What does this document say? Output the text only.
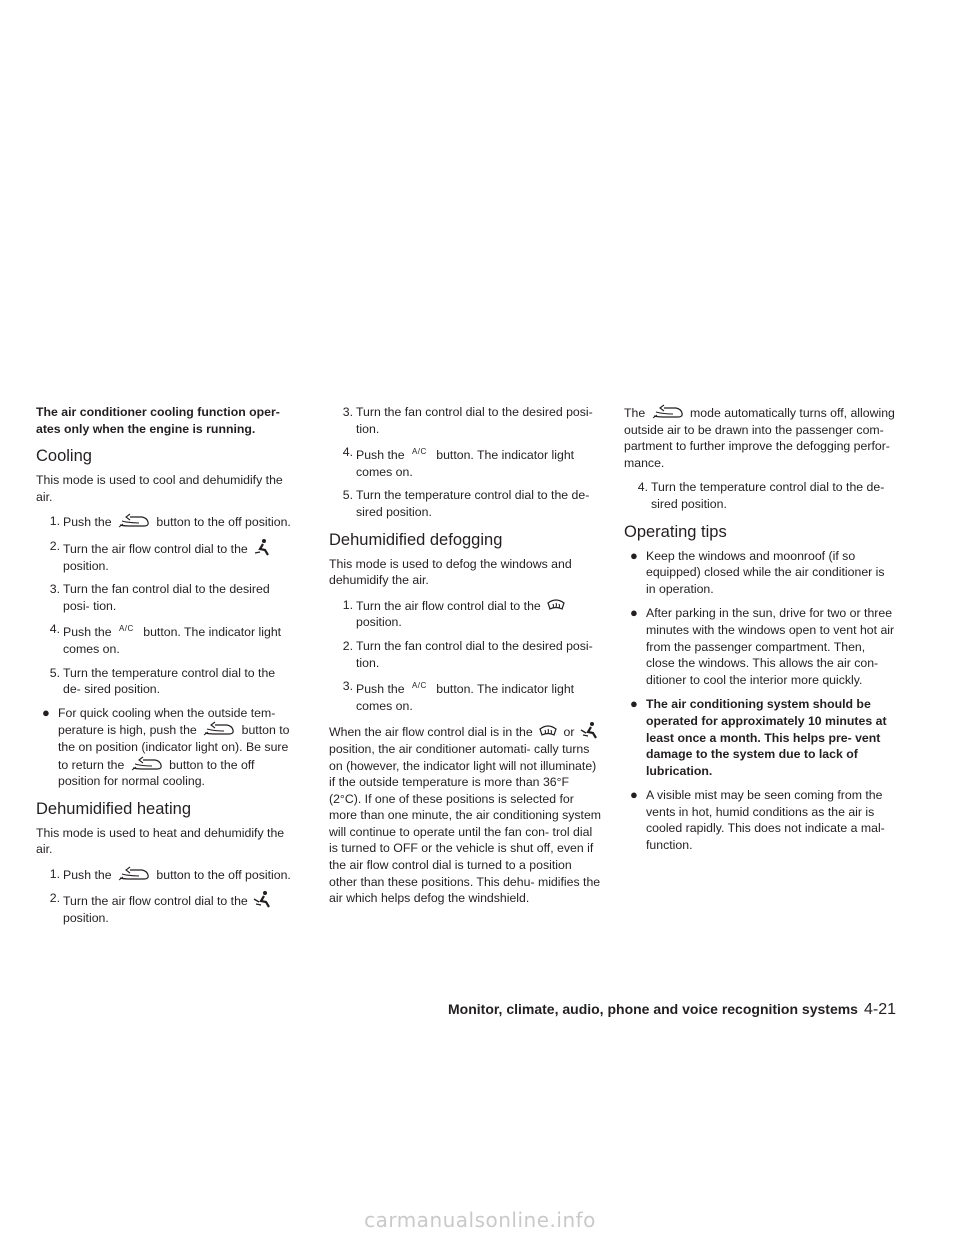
The air conditioner cooling function oper- ates only when the engine is running.

Cooling

This mode is used to cool and dehumidify the air.

1. Push the	button to the off position.
2. Turn the air flow control dial to the  position.
3. Turn the fan control dial to the desired posi- tion.
4. Push the $^{A/C}$ button. The indicator light comes on.
5. Turn the temperature control dial to the de- sired position.
● For quick cooling when the outside tem- perature is high, push the	button to the on position (indicator light on). Be sure to return the	button to the off position for normal cooling.
Dehumidified heating

This mode is used to heat and dehumidify the air.

1. Push the	button to the off position.
2. Turn the air flow control dial to the  position.
3. Turn the fan control dial to the desired posi- tion.
4. Push the $^{A/C}$ button. The indicator light comes on.
5. Turn the temperature control dial to the de- sired position.
Dehumidified defogging

This mode is used to defog the windows and dehumidify the air.

1. Turn the air flow control dial to the  position.
2. Turn the fan control dial to the desired posi- tion.
3. Push the $^{A/C}$ button. The indicator light comes on.

When the air flow control dial is in the	or  position, the air conditioner automati- cally turns on (however, the indicator light will not illuminate) if the outside temperature is more than 36°F (2°C). If one of these positions is selected for more than one minute, the air conditioning system will continue to operate until the fan con- trol dial is turned to OFF or the vehicle is shut off, even if the air flow control dial is turned to a position other than these positions. This dehu- midifies the air which helps defog the windshield.

The	mode automatically turns off, allowing outside air to be drawn into the passenger com- partment to further improve the defogging perfor- mance.

4. Turn the temperature control dial to the de- sired position.
Operating tips
● Keep the windows and moonroof (if so equipped) closed while the air conditioner is in operation.
● After parking in the sun, drive for two or three minutes with the windows open to vent hot air from the passenger compartment. Then, close the windows. This allows the air con- ditioner to cool the interior more quickly.
● The air conditioning system should be operated for approximately 10 minutes at least once a month. This helps pre- vent damage to the system due to lack of lubrication.
● A visible mist may be seen coming from the vents in hot, humid conditions as the air is cooled rapidly. This does not indicate a mal- function.
Monitor, climate, audio, phone and voice recognition systems 4-21
carmanualsonline.info
